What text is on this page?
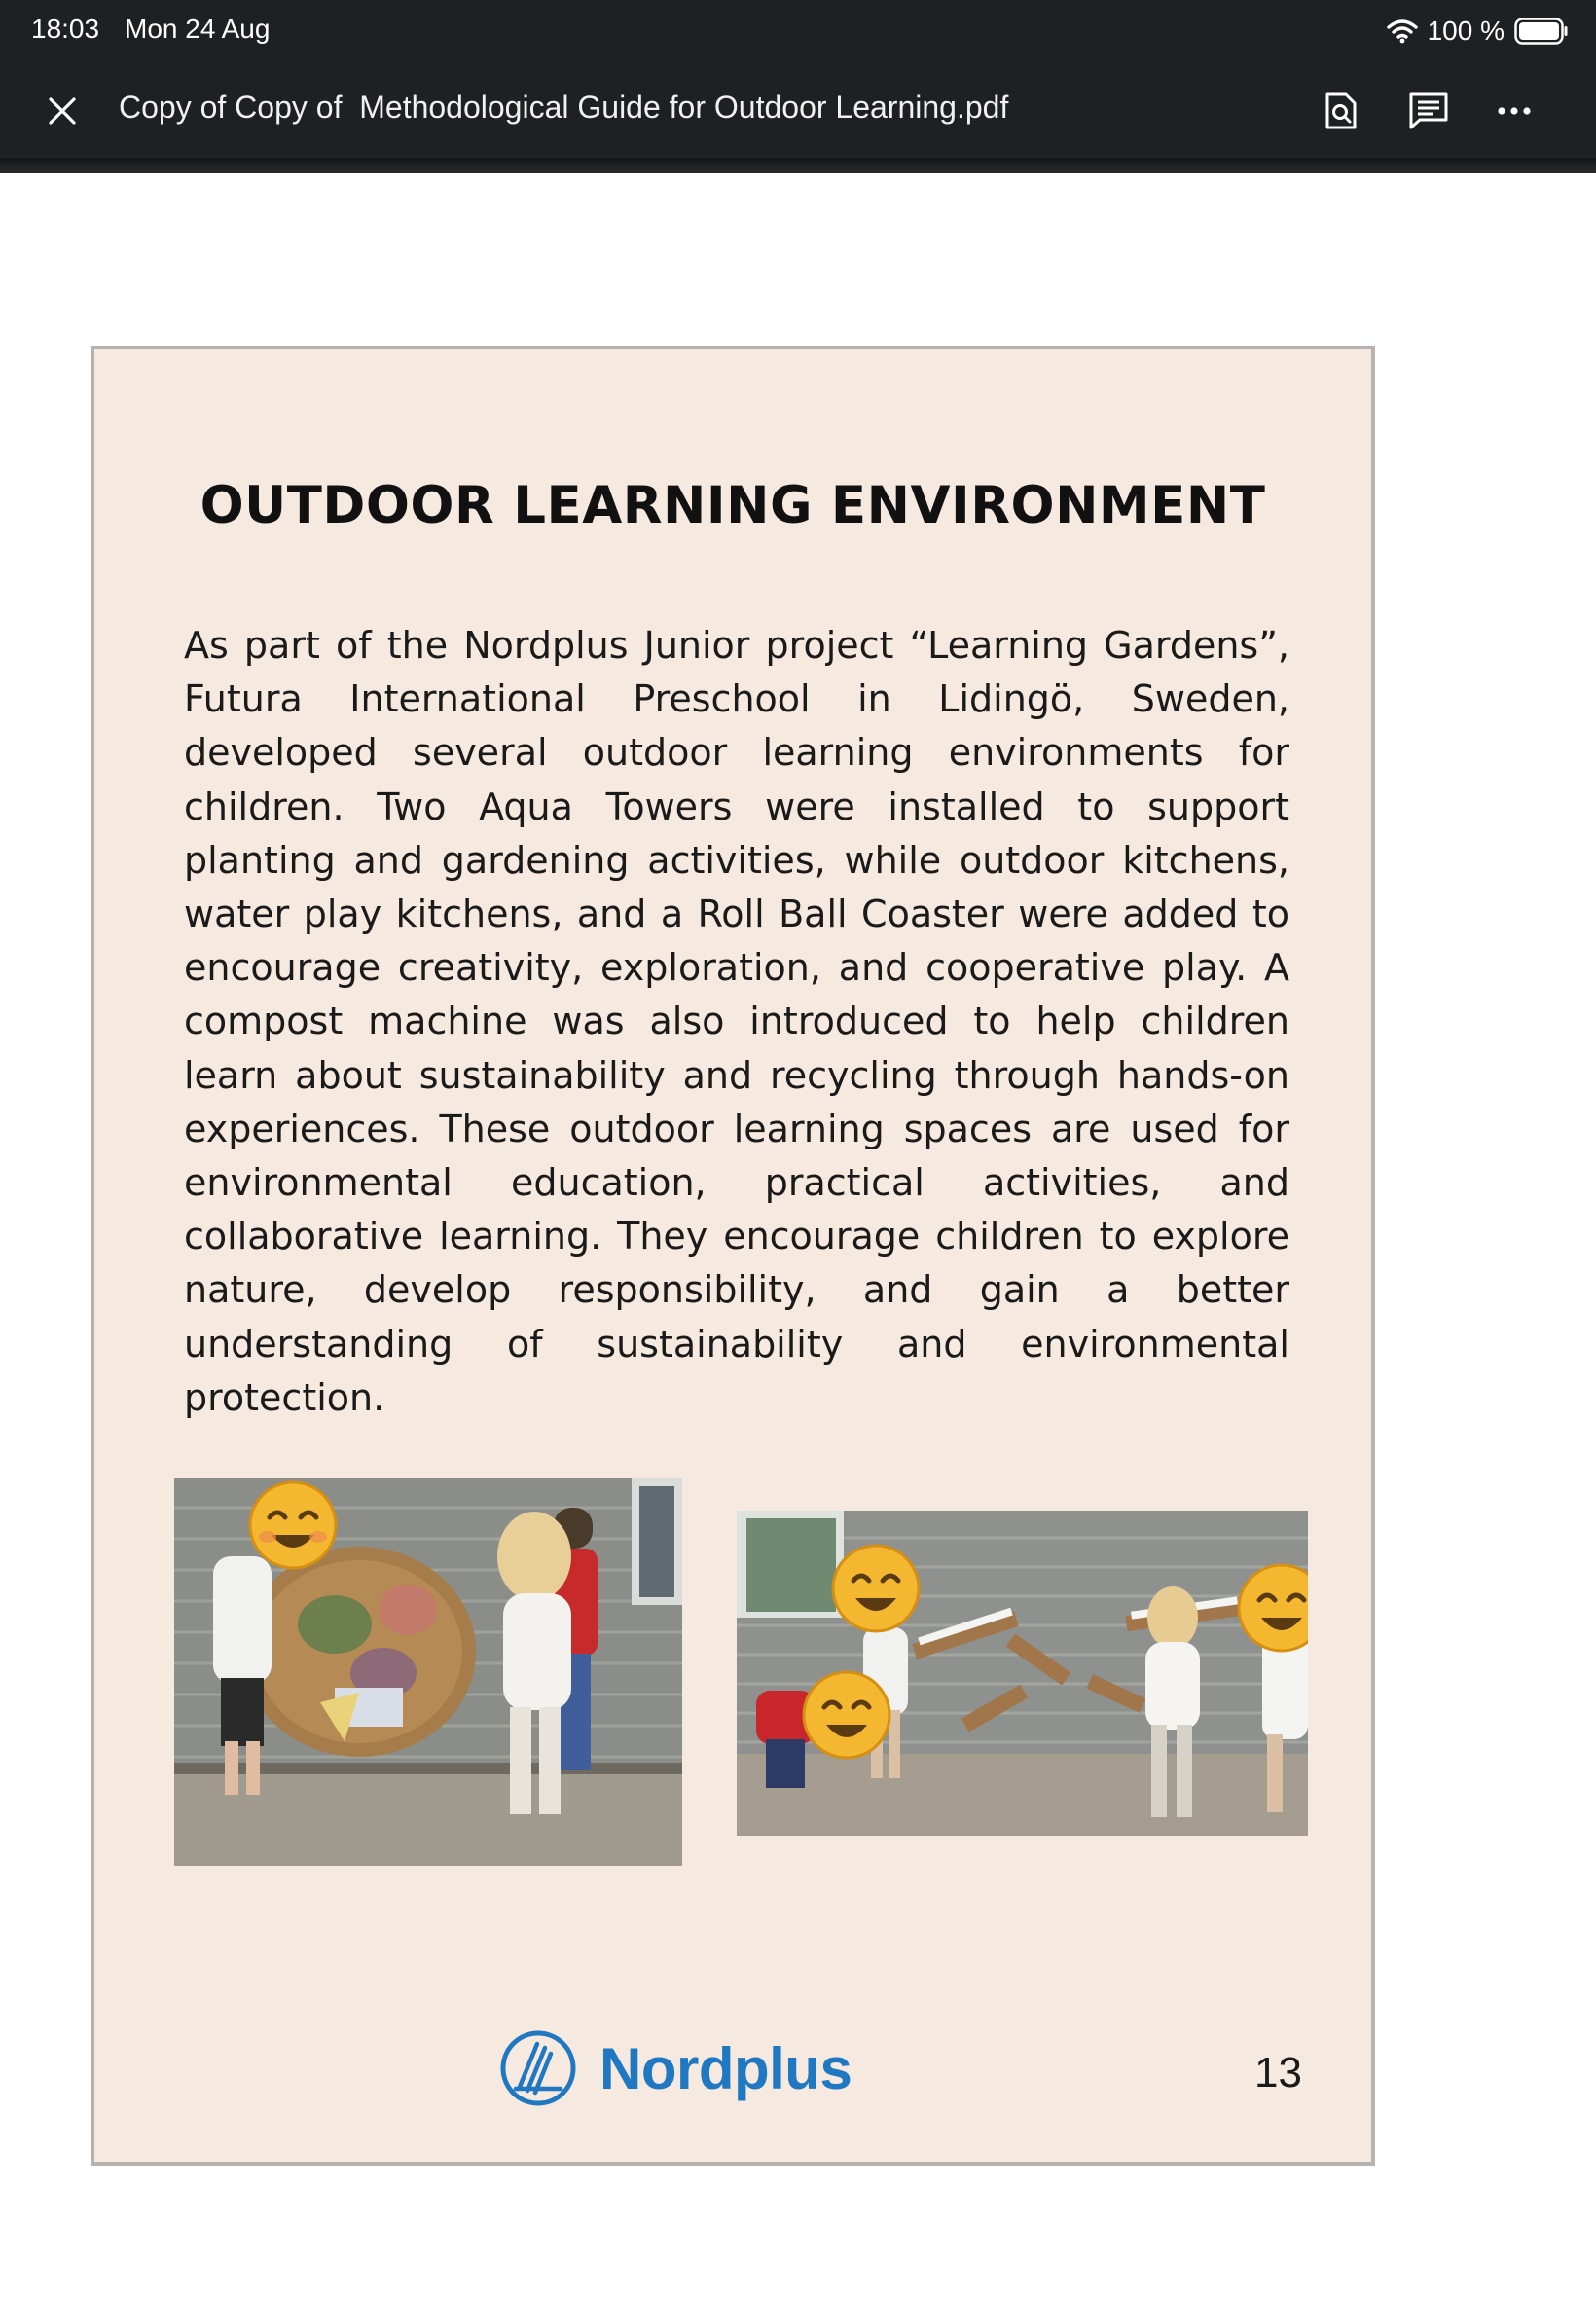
18:03 Mon 24 Aug	100 %
Copy of Copy of  Methodological Guide for Outdoor Learning.pdf
OUTDOOR LEARNING ENVIRONMENT

As part of the Nordplus Junior project “Learning Gardens”, Futura International Preschool in Lidingö, Sweden, developed several outdoor learning environments for children. Two Aqua Towers were installed to support planting and gardening activities, while outdoor kitchens, water play kitchens, and a Roll Ball Coaster were added to encourage creativity, exploration, and cooperative play. A compost machine was also introduced to help children learn about sustainability and recycling through hands-on experiences. These outdoor learning spaces are used for environmental education, practical activities, and collaborative learning. They encourage children to explore nature, develop responsibility, and gain a better understanding of sustainability and environmental protection.

Nordplus	13
